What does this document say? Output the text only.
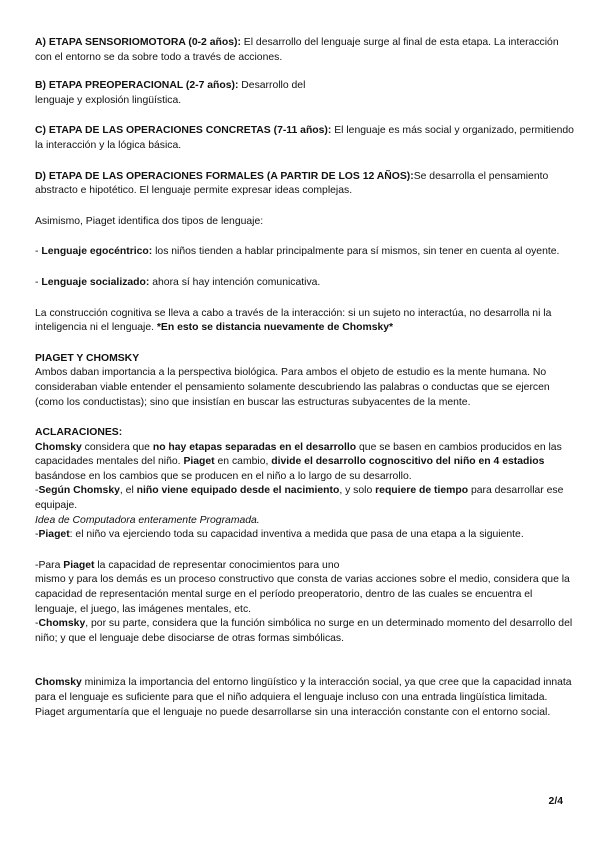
A) ETAPA SENSORIOMOTORA (0-2 años): El desarrollo del lenguaje surge al final de esta etapa. La interacción con el entorno se da sobre todo a través de acciones.

B) ETAPA PREOPERACIONAL (2-7 años): Desarrollo del
lenguaje y explosión lingüística.

C) ETAPA DE LAS OPERACIONES CONCRETAS (7-11 años): El lenguaje es más social y organizado, permitiendo la interacción y la lógica básica.

D) ETAPA DE LAS OPERACIONES FORMALES (A PARTIR DE LOS 12 AÑOS):Se desarrolla el pensamiento abstracto e hipotético. El lenguaje permite expresar ideas complejas.

Asimismo, Piaget identifica dos tipos de lenguaje:

- Lenguaje egocéntrico: los niños tienden a hablar principalmente para sí mismos, sin tener en cuenta al oyente.

- Lenguaje socializado: ahora sí hay intención comunicativa.

La construcción cognitiva se lleva a cabo a través de la interacción: si un sujeto no interactúa, no desarrolla ni la inteligencia ni el lenguaje. *En esto se distancia nuevamente de Chomsky*

PIAGET Y CHOMSKY

Ambos daban importancia a la perspectiva biológica. Para ambos el objeto de estudio es la mente humana. No consideraban viable entender el pensamiento solamente descubriendo las palabras o conductas que se ejercen (como los conductistas); sino que insistían en buscar las estructuras subyacentes de la mente.

ACLARACIONES:

Chomsky considera que no hay etapas separadas en el desarrollo que se basen en cambios producidos en las capacidades mentales del niño. Piaget en cambio, divide el desarrollo cognoscitivo del niño en 4 estadios basándose en los cambios que se producen en el niño a lo largo de su desarrollo.

-Según Chomsky, el niño viene equipado desde el nacimiento, y solo requiere de tiempo para desarrollar ese equipaje.

Idea de Computadora enteramente Programada.

-Piaget: el niño va ejerciendo toda su capacidad inventiva a medida que pasa de una etapa a la siguiente.

-Para Piaget la capacidad de representar conocimientos para uno
mismo y para los demás es un proceso constructivo que consta de varias acciones sobre el medio, considera que la capacidad de representación mental surge en el período preoperatorio, dentro de las cuales se encuentra el lenguaje, el juego, las imágenes mentales, etc.

-Chomsky, por su parte, considera que la función simbólica no surge en un determinado momento del desarrollo del niño; y que el lenguaje debe disociarse de otras formas simbólicas.

Chomsky minimiza la importancia del entorno lingüístico y la interacción social, ya que cree que la capacidad innata para el lenguaje es suficiente para que el niño adquiera el lenguaje incluso con una entrada lingüística limitada. Piaget argumentaría que el lenguaje no puede desarrollarse sin una interacción constante con el entorno social.

2/4
